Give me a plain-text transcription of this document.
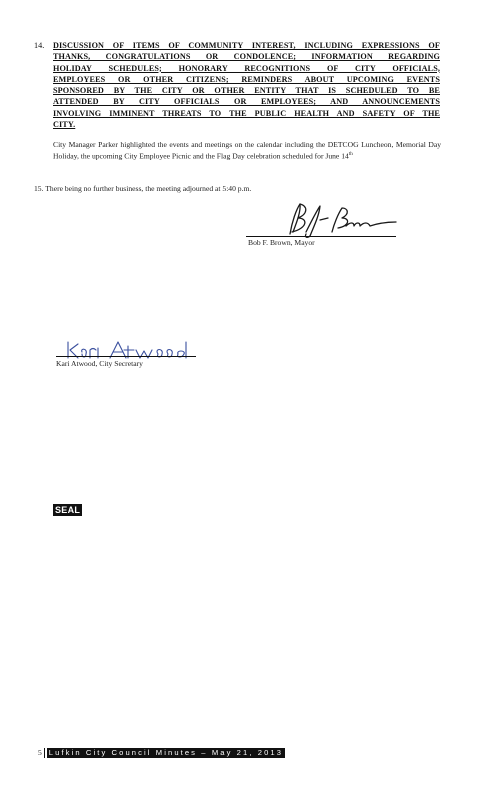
14. DISCUSSION OF ITEMS OF COMMUNITY INTEREST, INCLUDING EXPRESSIONS OF
THANKS, CONGRATULATIONS OR CONDOLENCE; INFORMATION REGARDING
HOLIDAY SCHEDULES; HONORARY RECOGNITIONS OF CITY OFFICIALS,
EMPLOYEES OR OTHER CITIZENS; REMINDERS ABOUT UPCOMING EVENTS
SPONSORED BY THE CITY OR OTHER ENTITY THAT IS SCHEDULED TO BE
ATTENDED BY CITY OFFICIALS OR EMPLOYEES; AND ANNOUNCEMENTS
INVOLVING IMMINENT THREATS TO THE PUBLIC HEALTH AND SAFETY OF THE
CITY.
City Manager Parker highlighted the events and meetings on the calendar including the DETCOG Luncheon, Memorial Day Holiday, the upcoming City Employee Picnic and the Flag Day celebration scheduled for June 14th
15. There being no further business, the meeting adjourned at 5:40 p.m.
Bob F. Brown, Mayor
Kari Atwood, City Secretary
SEAL
5 Lufkin City Council Minutes – May 21, 2013
